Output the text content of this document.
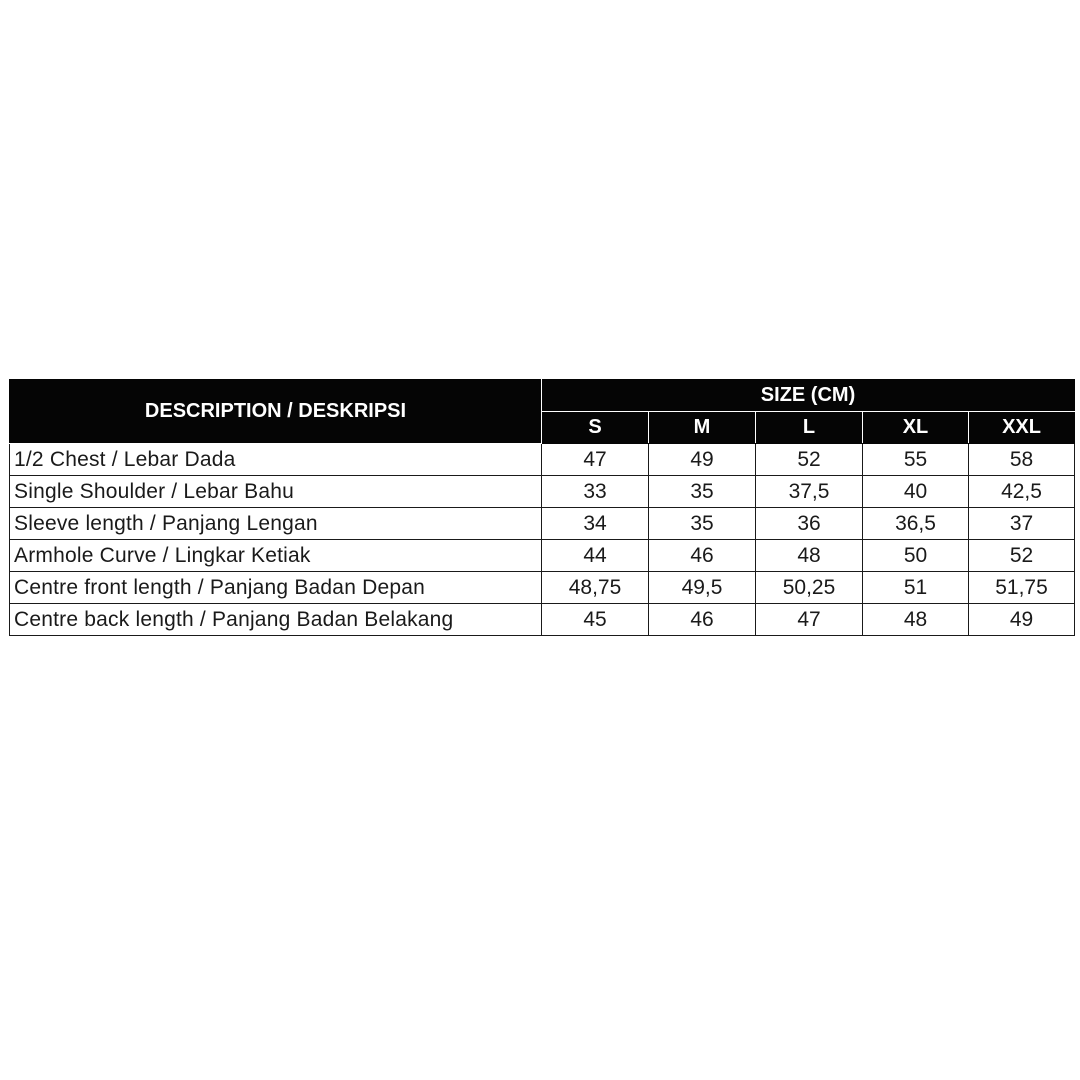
DESCRIPTION / DESKRIPSI	SIZE (CM)				
	S	M	L	XL	XXL
1/2 Chest / Lebar Dada	47	49	52	55	58
Single Shoulder / Lebar Bahu	33	35	37,5	40	42,5
Sleeve length / Panjang Lengan	34	35	36	36,5	37
Armhole Curve / Lingkar Ketiak	44	46	48	50	52
Centre front length / Panjang Badan Depan	48,75	49,5	50,25	51	51,75
Centre back length / Panjang Badan Belakang	45	46	47	48	49
